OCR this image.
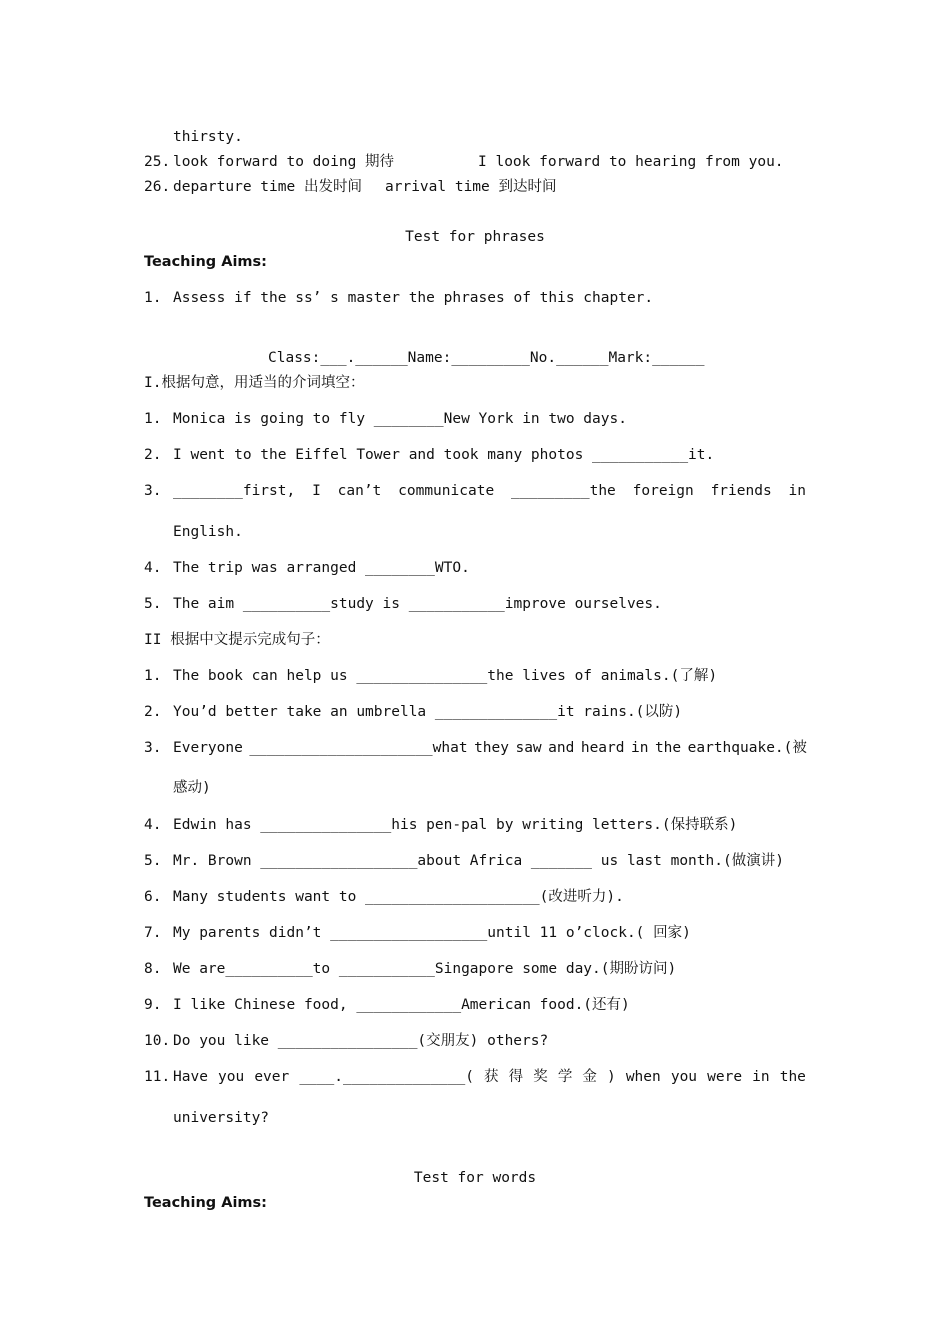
thirsty.
25. look forward to doing 期待	I look forward to hearing from you.
26. departure time 出发时间 arrival time 到达时间
Test for phrases
Teaching Aims:
1. Assess if the ss’ s master the phrases of this chapter.
Class:___.______Name:_________No.______Mark:______
I.根据句意，用适当的介词填空：
1. Monica is going to fly ________New York in two days.
2. I went to the Eiffel Tower and took many photos ___________it.
3. ________first, I can’t communicate _________the foreign friends in
English.
4. The trip was arranged ________WTO.
5. The aim __________study is ___________improve ourselves.
II 根据中文提示完成句子：
1. The book can help us _______________the lives of animals.(了解)
2. You’d better take an umbrella ______________it rains.(以防)
3. Everyone _____________________what they saw and heard in the earthquake.(被
感动)
4. Edwin has _______________his pen-pal by writing letters.(保持联系)
5. Mr. Brown __________________about Africa _______ us last month.(做演讲)
6. Many students want to ____________________(改进听力).
7. My parents didn’t __________________until 11 o’clock.( 回家)
8. We are__________to ___________Singapore some day.(期盼访问)
9. I like Chinese food, ____________American food.(还有)
10. Do you like ________________(交朋友) others?
11. Have you ever ____.______________( 获 得 奖 学 金 ) when you were in the
university?
Test for words
Teaching Aims:
